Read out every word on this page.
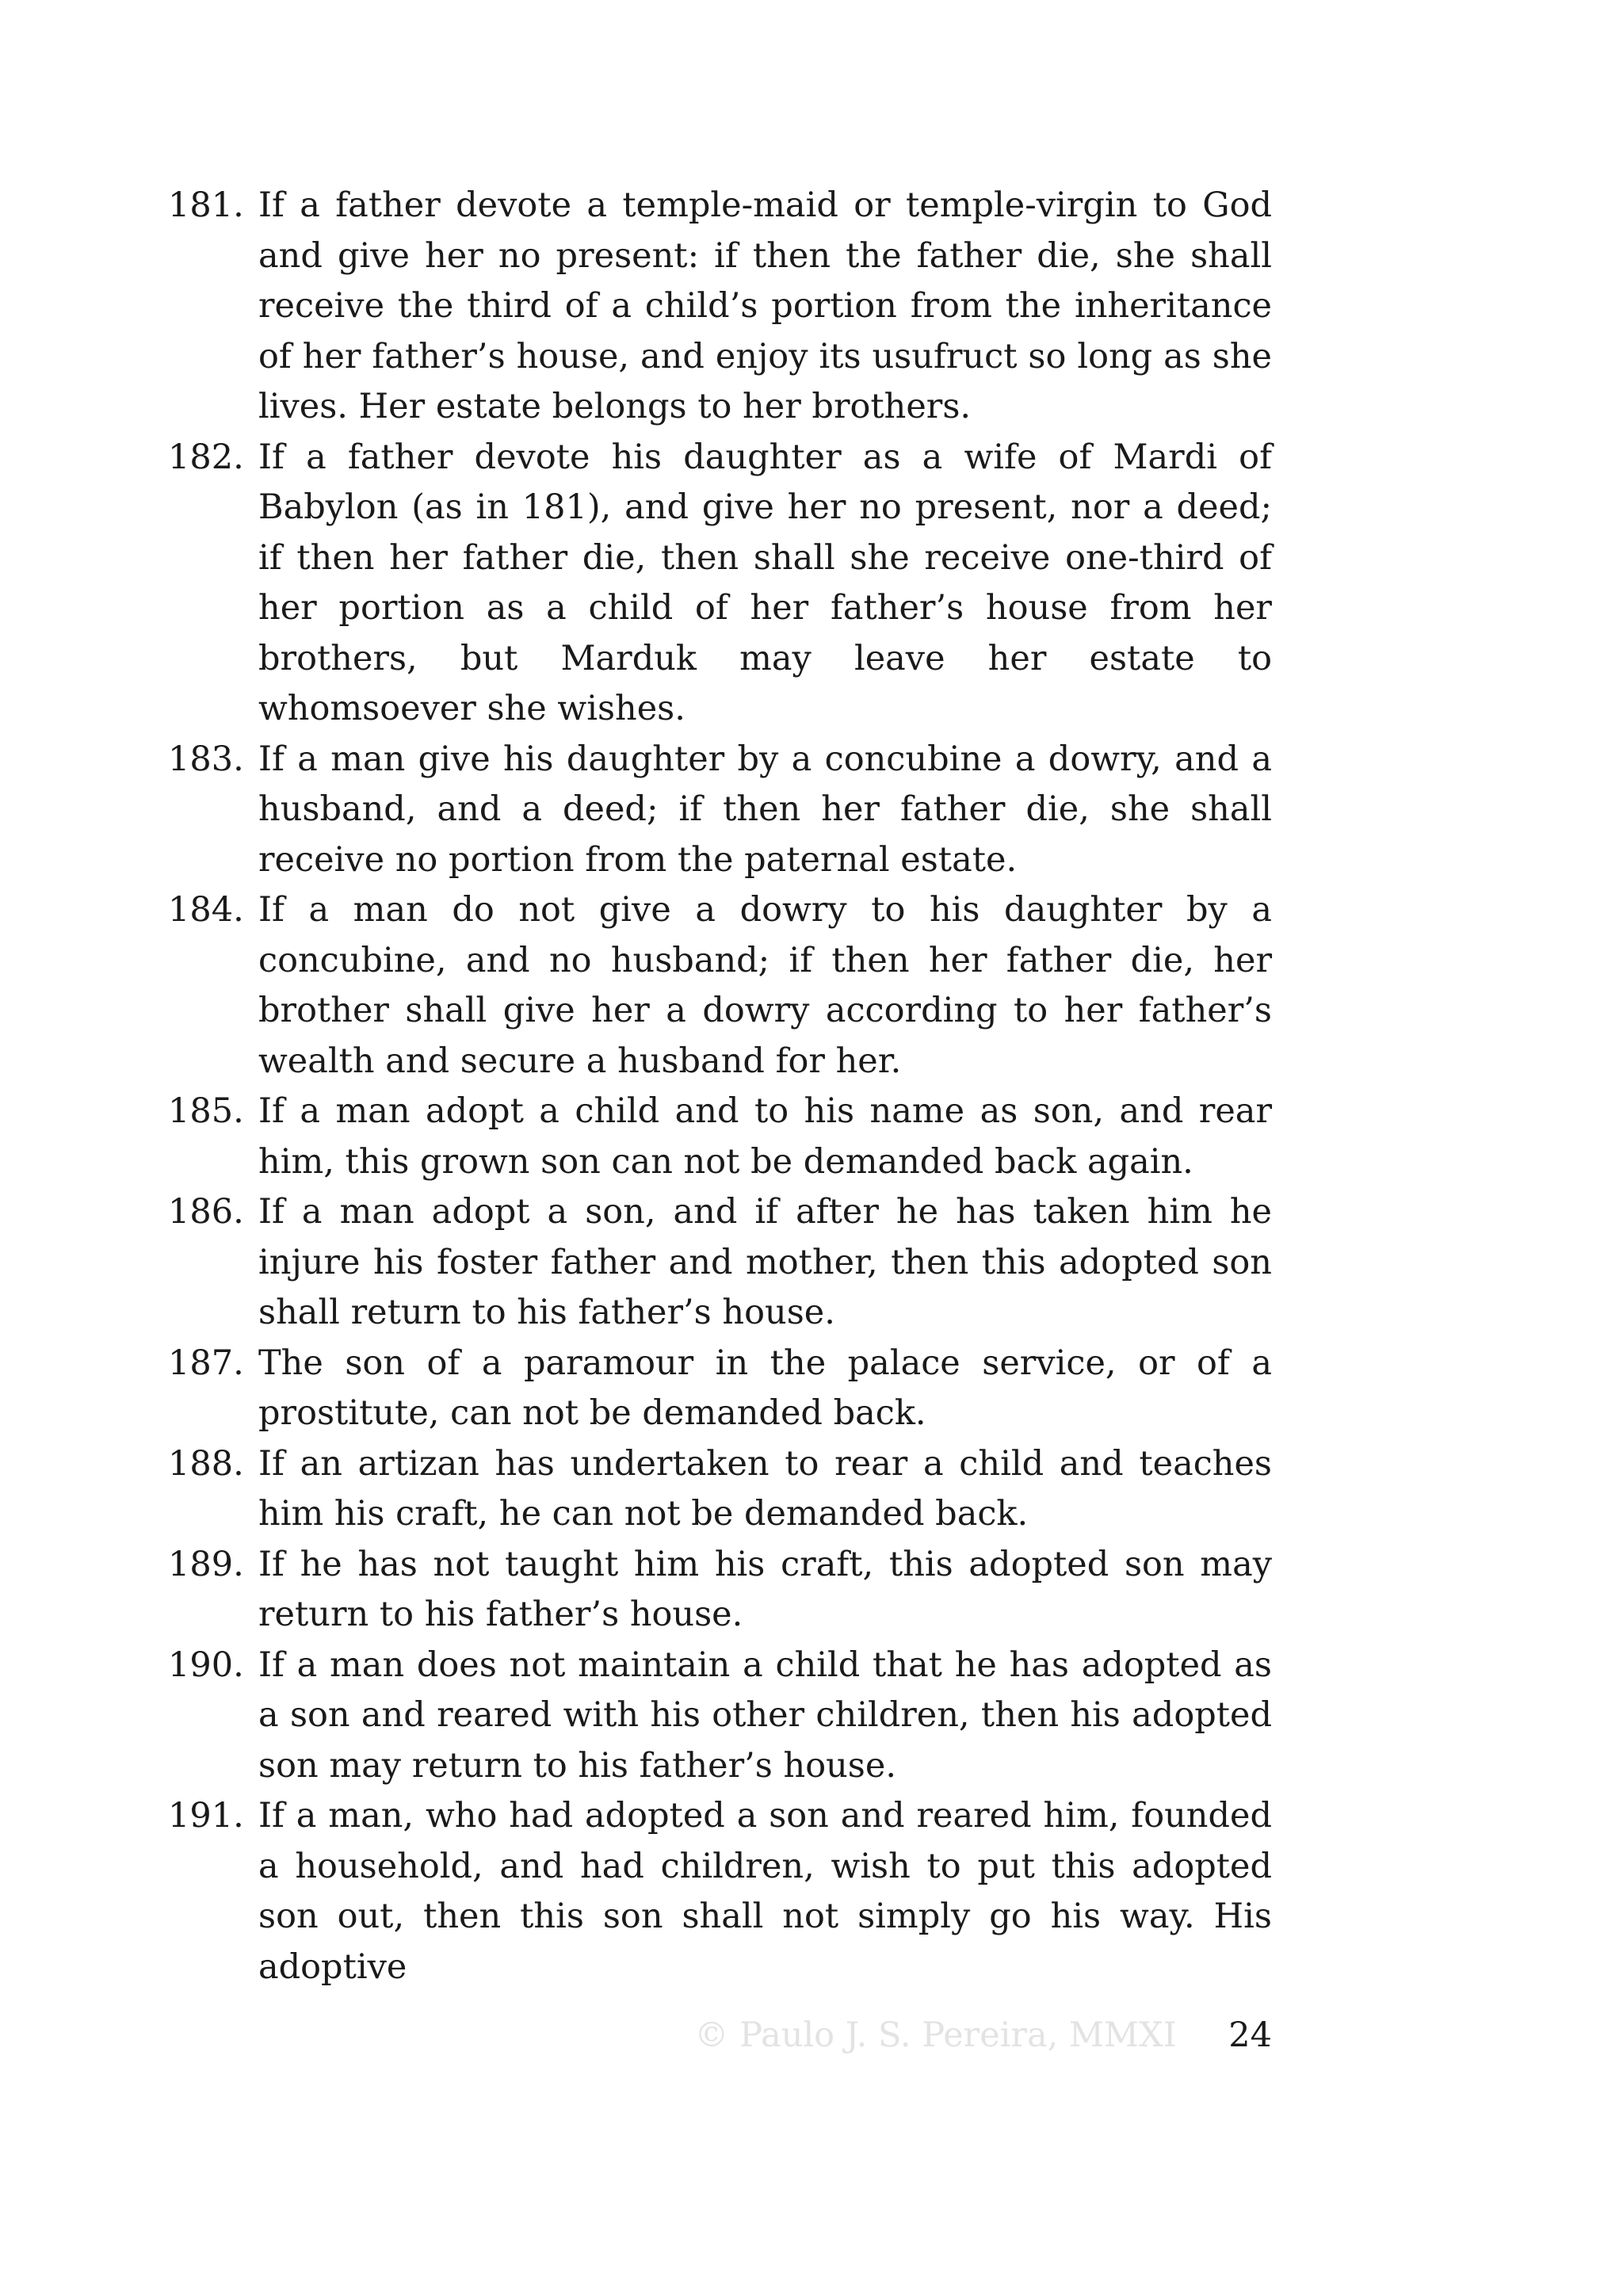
181. If a father devote a temple-maid or temple-virgin to God and give her no present: if then the father die, she shall receive the third of a child’s portion from the inheritance of her father’s house, and enjoy its usufruct so long as she lives. Her estate belongs to her brothers.
182. If a father devote his daughter as a wife of Mardi of Babylon (as in 181), and give her no present, nor a deed; if then her father die, then shall she receive one-third of her portion as a child of her father’s house from her brothers, but Marduk may leave her estate to whomsoever she wishes.
183. If a man give his daughter by a concubine a dowry, and a husband, and a deed; if then her father die, she shall receive no portion from the paternal estate.
184. If a man do not give a dowry to his daughter by a concubine, and no husband; if then her father die, her brother shall give her a dowry according to her father’s wealth and secure a husband for her.
185. If a man adopt a child and to his name as son, and rear him, this grown son can not be demanded back again.
186. If a man adopt a son, and if after he has taken him he injure his foster father and mother, then this adopted son shall return to his father’s house.
187. The son of a paramour in the palace service, or of a prostitute, can not be demanded back.
188. If an artizan has undertaken to rear a child and teaches him his craft, he can not be demanded back.
189. If he has not taught him his craft, this adopted son may return to his father’s house.
190. If a man does not maintain a child that he has adopted as a son and reared with his other children, then his adopted son may return to his father’s house.
191. If a man, who had adopted a son and reared him, founded a household, and had children, wish to put this adopted son out, then this son shall not simply go his way. His adoptive
© Paulo J. S. Pereira, MMXI 24
